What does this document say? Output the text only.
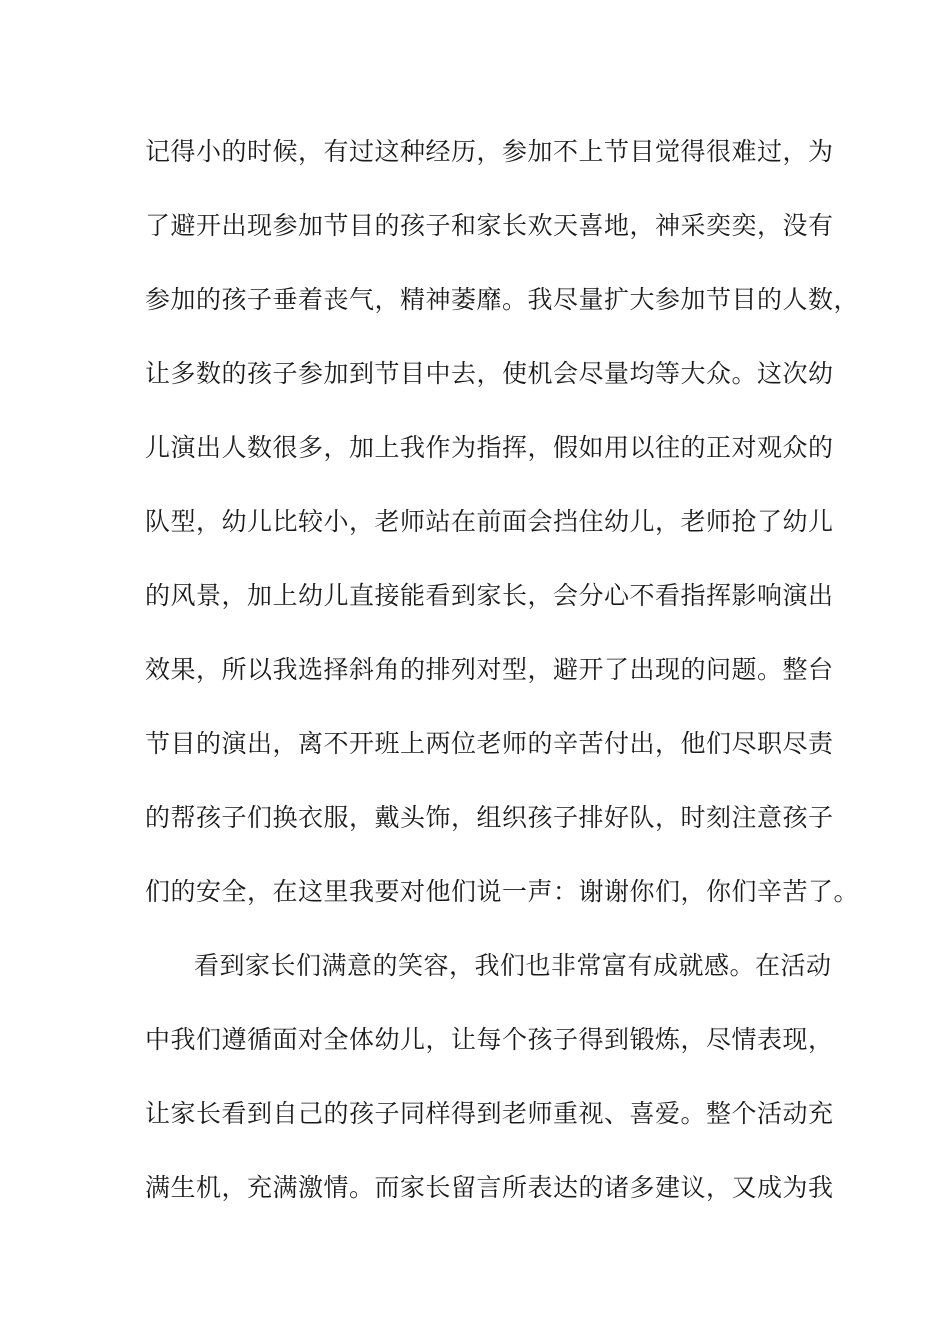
记得小的时候，有过这种经历，参加不上节目觉得很难过，为
了避开出现参加节目的孩子和家长欢天喜地，神采奕奕，没有
参加的孩子垂着丧气，精神萎靡。我尽量扩大参加节目的人数，
让多数的孩子参加到节目中去，使机会尽量均等大众。这次幼
儿演出人数很多，加上我作为指挥，假如用以往的正对观众的
队型，幼儿比较小，老师站在前面会挡住幼儿，老师抢了幼儿
的风景，加上幼儿直接能看到家长，会分心不看指挥影响演出
效果，所以我选择斜角的排列对型，避开了出现的问题。整台
节目的演出，离不开班上两位老师的辛苦付出，他们尽职尽责
的帮孩子们换衣服，戴头饰，组织孩子排好队，时刻注意孩子
们的安全，在这里我要对他们说一声：谢谢你们，你们辛苦了。
看到家长们满意的笑容，我们也非常富有成就感。在活动
中我们遵循面对全体幼儿，让每个孩子得到锻炼，尽情表现，
让家长看到自己的孩子同样得到老师重视、喜爱。整个活动充
满生机，充满激情。而家长留言所表达的诸多建议，又成为我
